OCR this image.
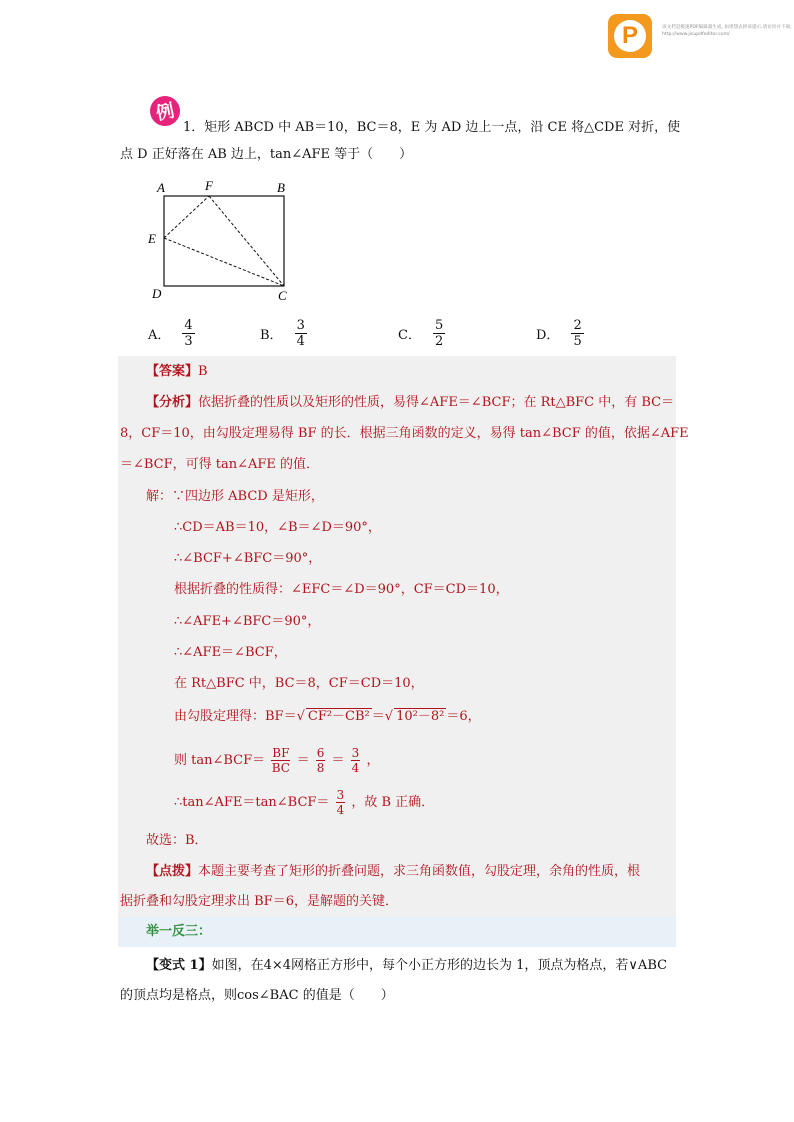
P	该文档是极速PDF编辑器生成, 如果想去掉该提示,请访问并下载: http://www.jisupdfeditor.com/
例
1．矩形 ABCD 中 AB＝10，BC＝8，E 为 AD 边上一点，沿 CE 将△CDE 对折，使
点 D 正好落在 AB 边上，tan∠AFE 等于（　　）
A	F	B
E
D	C
A． $\frac{4}{3}$	B． $\frac{3}{4}$	C． $\frac{5}{2}$	D． $\frac{2}{5}$
【答案】B
【分析】依据折叠的性质以及矩形的性质，易得∠AFE＝∠BCF；在 Rt△BFC 中，有 BC＝
8，CF＝10，由勾股定理易得 BF 的长．根据三角函数的定义，易得 tan∠BCF 的值，依据∠AFE
＝∠BCF，可得 tan∠AFE 的值．
解：∵四边形 ABCD 是矩形，
∴CD＝AB＝10，∠B＝∠D＝90°，
∴∠BCF+∠BFC＝90°，
根据折叠的性质得：∠EFC＝∠D＝90°，CF＝CD＝10，
∴∠AFE+∠BFC＝90°，
∴∠AFE＝∠BCF，
在 Rt△BFC 中，BC＝8，CF＝CD＝10，
由勾股定理得：BF＝√ CF²－CB² ＝√ 10²－8² ＝6，
则 tan∠BCF＝ $\frac{BF}{BC} = \frac{6}{8} = \frac{3}{4}$ ，
∴tan∠AFE＝tan∠BCF＝ $\frac{3}{4}$ ，故 B 正确．
故选：B．
【点拨】本题主要考查了矩形的折叠问题，求三角函数值，勾股定理，余角的性质，根
据折叠和勾股定理求出 BF＝6，是解题的关键．
举一反三：
【变式 1】如图，在4×4网格正方形中，每个小正方形的边长为 1，顶点为格点，若∨ABC
的顶点均是格点，则cos∠BAC 的值是（　　）
